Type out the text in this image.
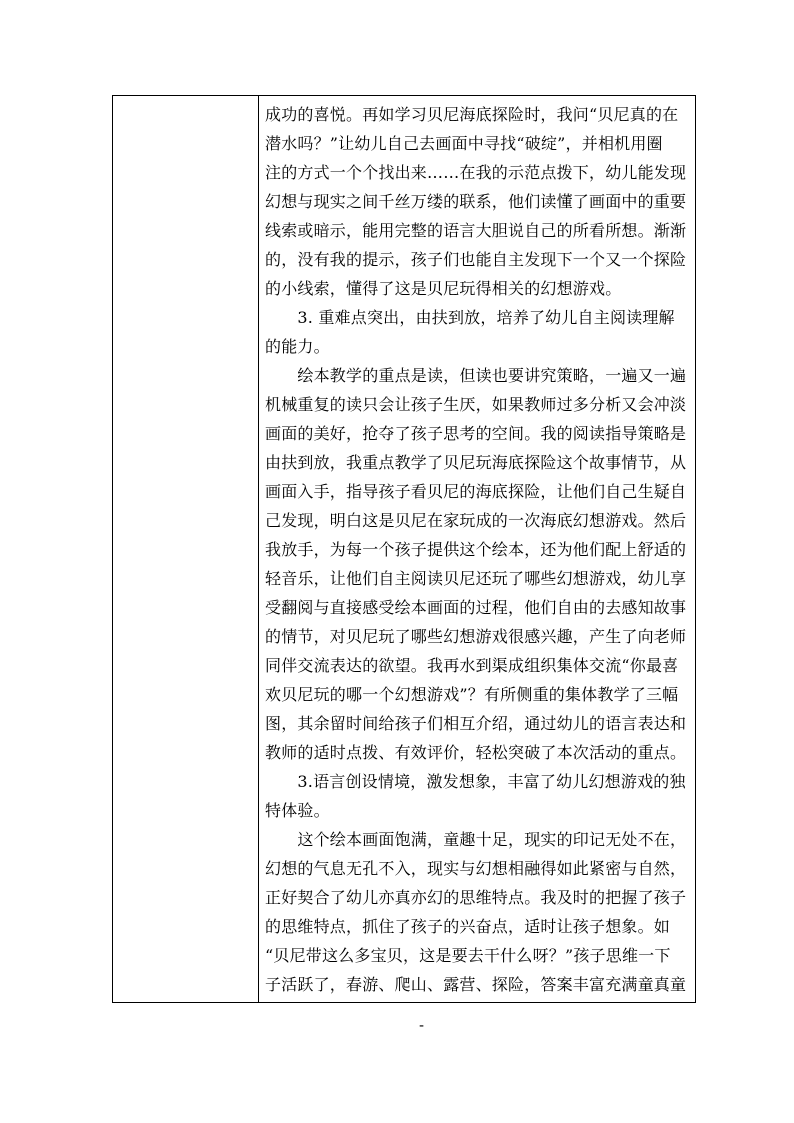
成功的喜悦。再如学习贝尼海底探险时，我问“贝尼真的在
潜水吗？”让幼儿自己去画面中寻找“破绽”，并相机用圈
注的方式一个个找出来……在我的示范点拨下，幼儿能发现
幻想与现实之间千丝万缕的联系，他们读懂了画面中的重要
线索或暗示，能用完整的语言大胆说自己的所看所想。渐渐
的，没有我的提示，孩子们也能自主发现下一个又一个探险
的小线索，懂得了这是贝尼玩得相关的幻想游戏。
　　3. 重难点突出，由扶到放，培养了幼儿自主阅读理解
的能力。
　　绘本教学的重点是读，但读也要讲究策略，一遍又一遍
机械重复的读只会让孩子生厌，如果教师过多分析又会冲淡
画面的美好，抢夺了孩子思考的空间。我的阅读指导策略是
由扶到放，我重点教学了贝尼玩海底探险这个故事情节，从
画面入手，指导孩子看贝尼的海底探险，让他们自己生疑自
己发现，明白这是贝尼在家玩成的一次海底幻想游戏。然后
我放手，为每一个孩子提供这个绘本，还为他们配上舒适的
轻音乐，让他们自主阅读贝尼还玩了哪些幻想游戏，幼儿享
受翻阅与直接感受绘本画面的过程，他们自由的去感知故事
的情节，对贝尼玩了哪些幻想游戏很感兴趣，产生了向老师
同伴交流表达的欲望。我再水到渠成组织集体交流“你最喜
欢贝尼玩的哪一个幻想游戏”？有所侧重的集体教学了三幅
图，其余留时间给孩子们相互介绍，通过幼儿的语言表达和
教师的适时点拨、有效评价，轻松突破了本次活动的重点。
　　3.语言创设情境，激发想象，丰富了幼儿幻想游戏的独
特体验。
　　这个绘本画面饱满，童趣十足，现实的印记无处不在，
幻想的气息无孔不入，现实与幻想相融得如此紧密与自然，
正好契合了幼儿亦真亦幻的思维特点。我及时的把握了孩子
的思维特点，抓住了孩子的兴奋点，适时让孩子想象。如
“贝尼带这么多宝贝，这是要去干什么呀？”孩子思维一下
子活跃了，春游、爬山、露营、探险，答案丰富充满童真童
-
